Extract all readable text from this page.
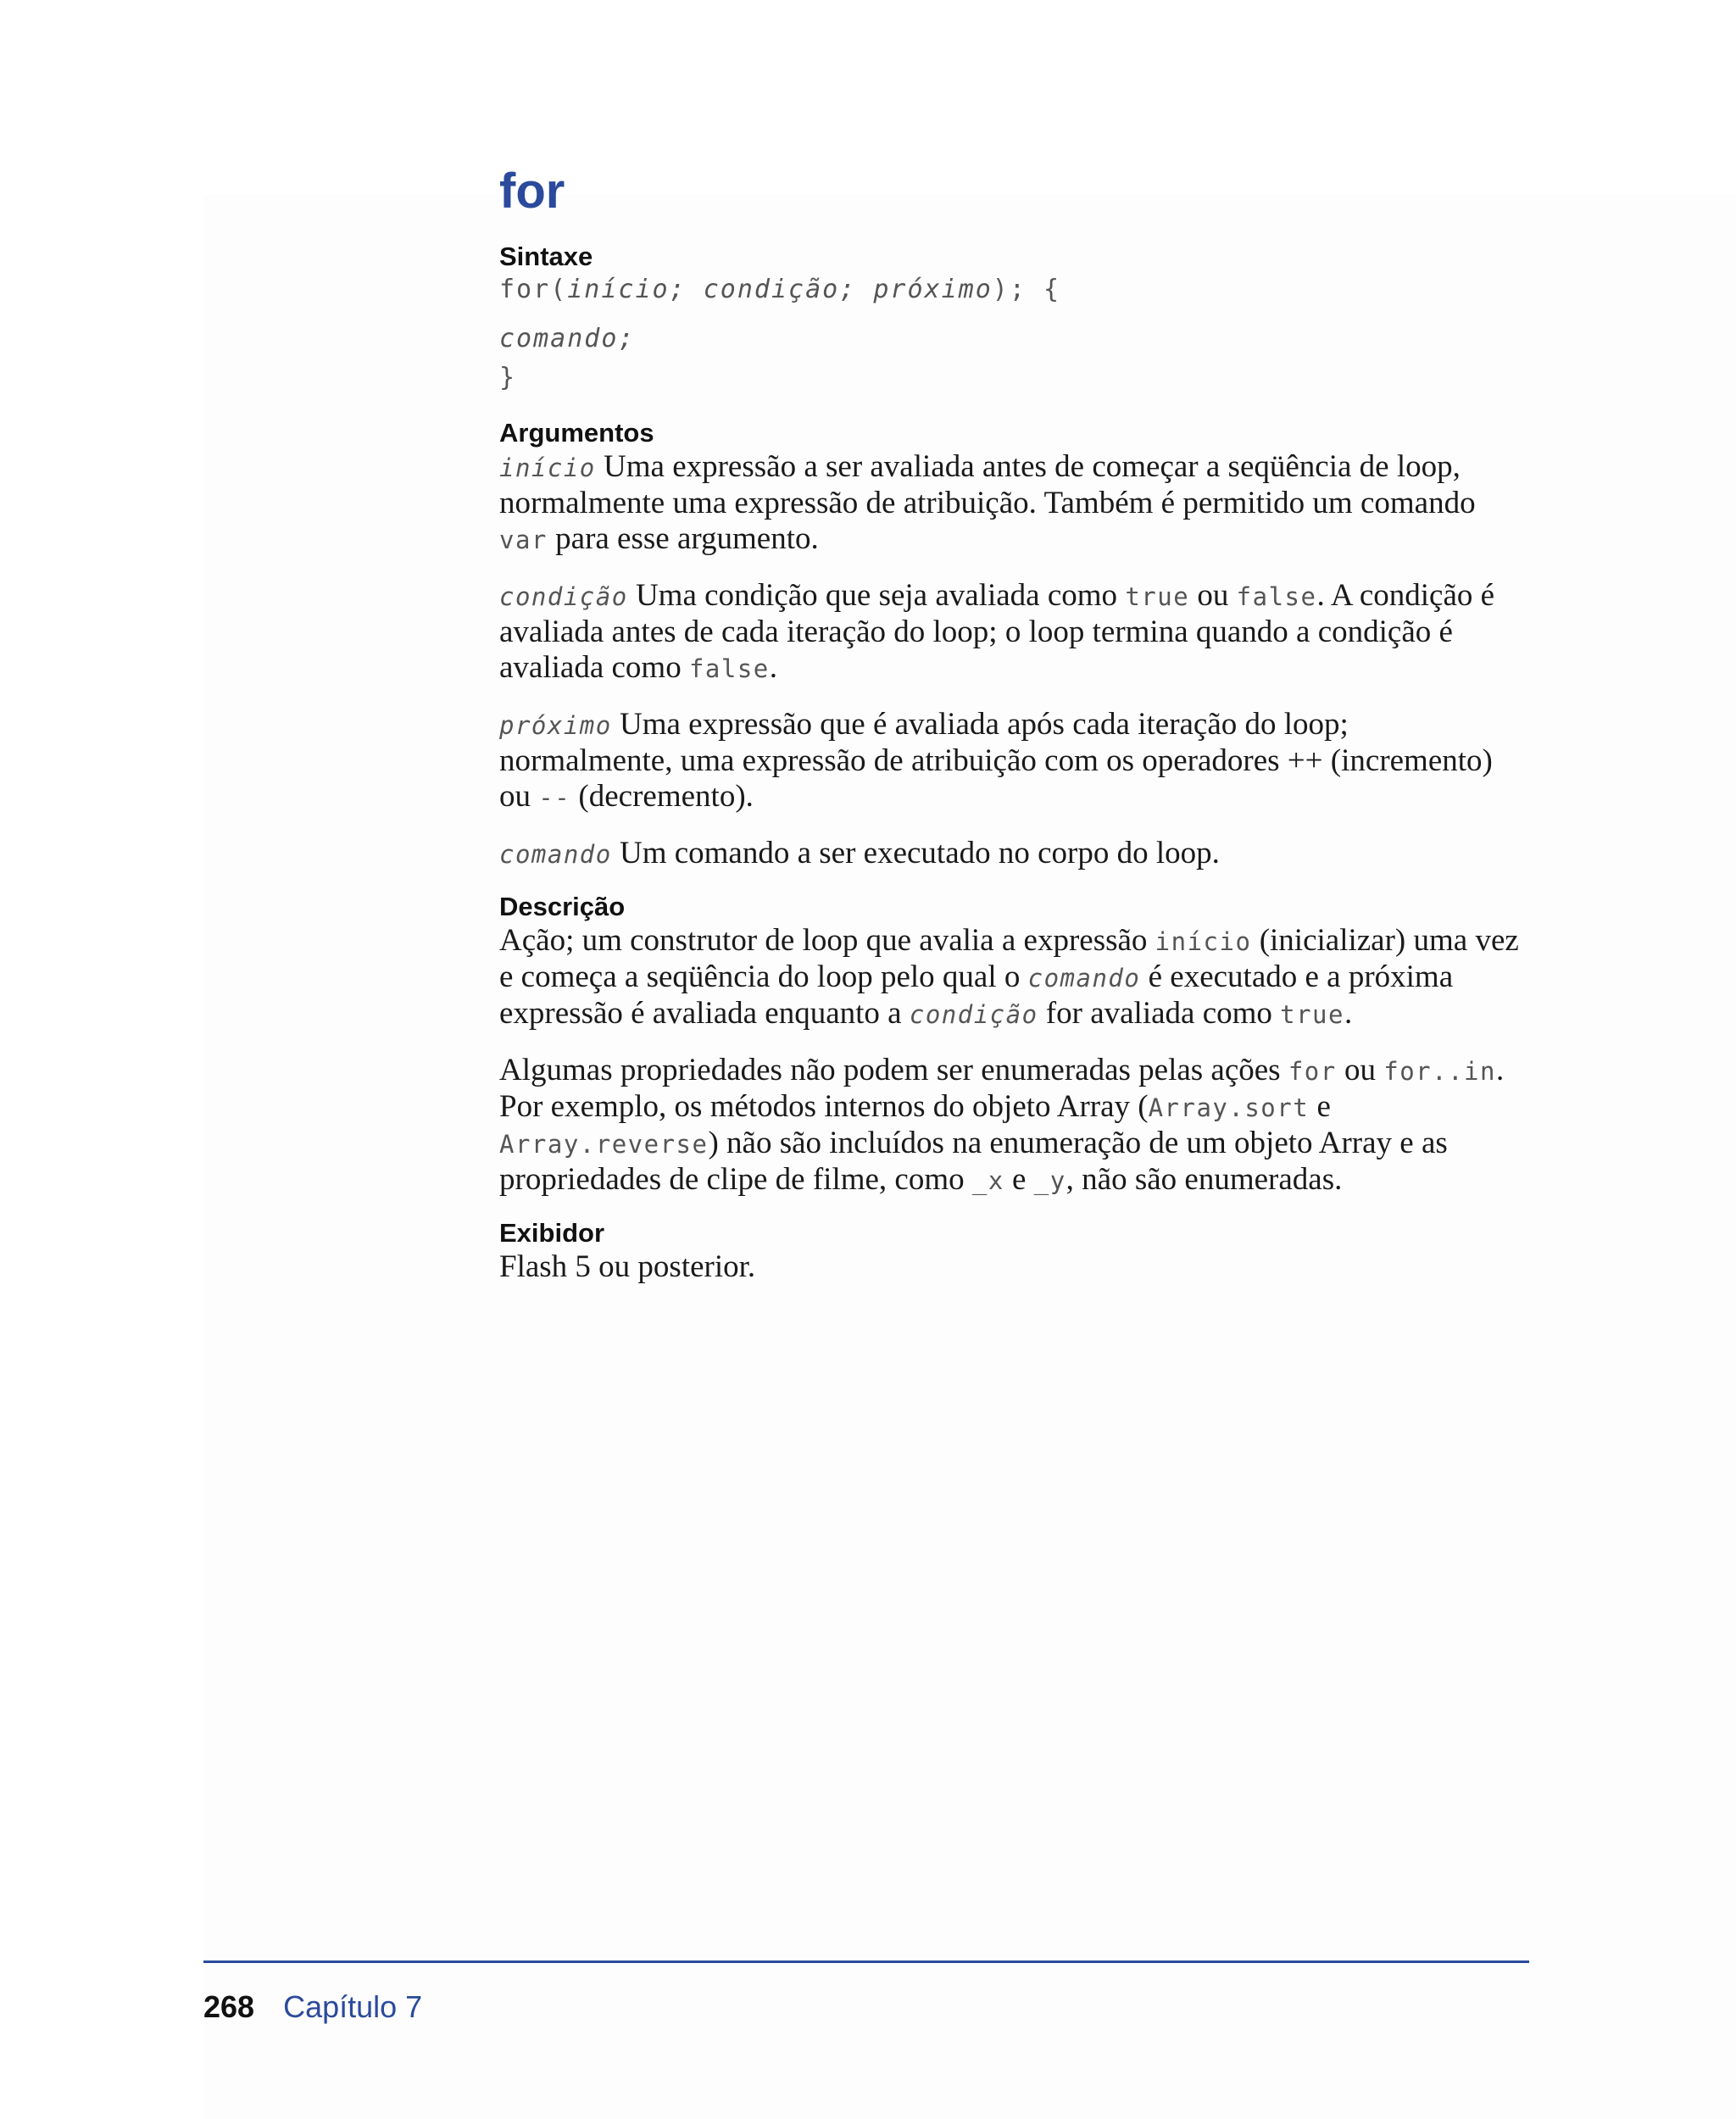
for
Sintaxe

for(início; condição; próximo); {

comando;

}

Argumentos

início Uma expressão a ser avaliada antes de começar a seqüência de loop, normalmente uma expressão de atribuição. Também é permitido um comando var para esse argumento.

condição Uma condição que seja avaliada como true ou false. A condição é avaliada antes de cada iteração do loop; o loop termina quando a condição é avaliada como false.

próximo Uma expressão que é avaliada após cada iteração do loop; normalmente, uma expressão de atribuição com os operadores ++ (incremento) ou -- (decremento).

comando Um comando a ser executado no corpo do loop.

Descrição

Ação; um construtor de loop que avalia a expressão início (inicializar) uma vez e começa a seqüência do loop pelo qual o comando é executado e a próxima expressão é avaliada enquanto a condição for avaliada como true.

Algumas propriedades não podem ser enumeradas pelas ações for ou for..in. Por exemplo, os métodos internos do objeto Array (Array.sort e Array.reverse) não são incluídos na enumeração de um objeto Array e as propriedades de clipe de filme, como _x e _y, não são enumeradas.

Exibidor

Flash 5 ou posterior.

268 Capítulo 7
